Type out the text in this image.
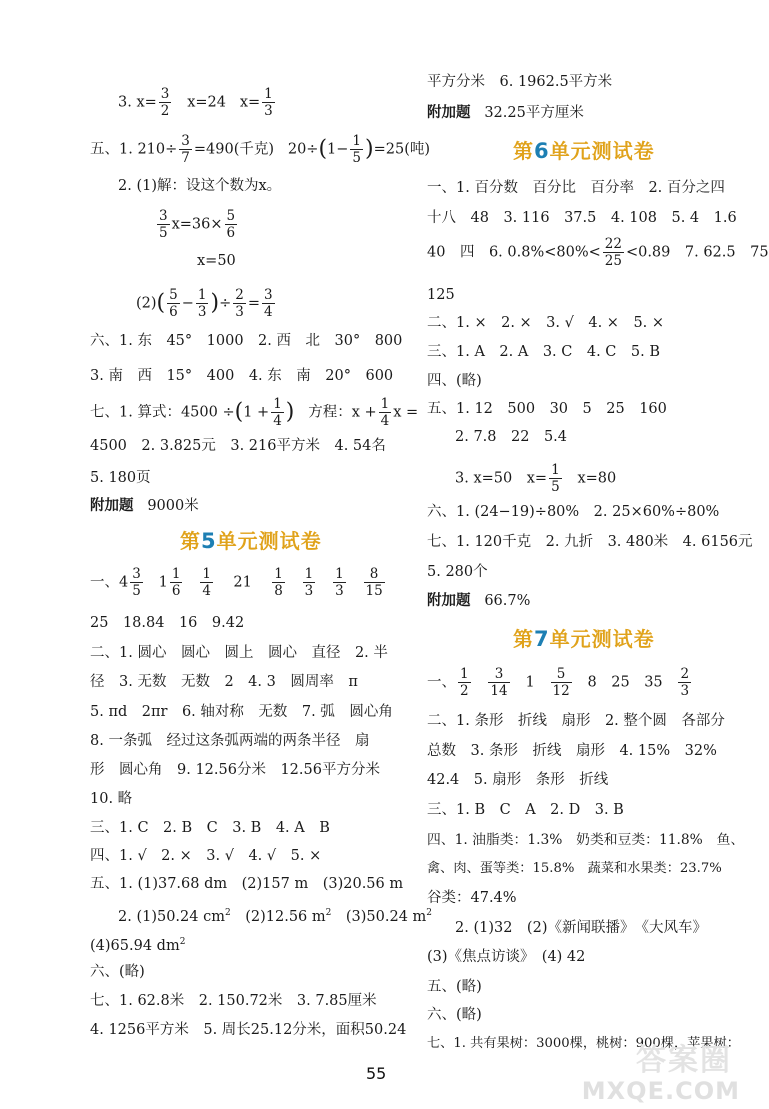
3. $x= \frac{3}{2} x=24$ $x= \frac{1}{3}$
五、1. $210\div \frac{3}{7} =490$(千克) $20\div(1- \frac{1}{5} )=25$(吨)
2. (1)解：设这个数为x。
$\frac{3}{5} x=36\times \frac{5}{6}$
x=50
$(2)( \frac{5}{6} - \frac{1}{3}$ )÷ $\frac{2}{3} = \frac{3}{4}$
六、1. 东　45°　1000　2. 西　北　30°　800
3. 南　西　15°　400　4. 东　南　20°　600
七、1. 算式：$4500 \div(1 + \frac{1}{4}$ ) 方程：$x + \frac{1}{4}$ x =
4500　2. 3.825元　3. 216平方米　4. 54名
5. 180页
附加题 9000米
第5单元测试卷
一、$4 \frac{3}{5} 1 \frac{1}{6}$
$\frac{1}{4} 21 \frac{1}{8}$
$\frac{1}{3}$
$\frac{1}{3}$
$\frac{8}{15}$
25　18.84　16　9.42
二、1. 圆心　圆心　圆上　圆心　直径　2. 半
径　3. 无数　无数　2　4. 3　圆周率　π
5. πd　2πr　6. 轴对称　无数　7. 弧　圆心角
8. 一条弧　经过这条弧两端的两条半径　扇
形　圆心角　9. 12.56分米　12.56平方分米
10. 略
三、1. C　2. B　C　3. B　4. A　B
四、1. √　2. ×　3. √　4. √　5. ×
五、1. (1)37.68 dm　(2)157 m　(3)20.56 m
2. (1)50.24 $cm^2$　(2)12.56 $m^2$　(3)50.24 $m^2$
(4)65.94 $dm^2$
六、(略)
七、1. 62.8米　2. 150.72米　3. 7.85厘米
4. 1256平方米　5. 周长25.12分米，面积50.24
平方分米　6. 1962.5平方米
附加题 32.25平方厘米
第6单元测试卷
一、1. 百分数　百分比　百分率　2. 百分之四
十八　48　3. 116　37.5　4. 108　5. 4　1.6
40　四　6. $0.8\%<80\%< \frac{22}{25} <0.89$　7. 62.5　75
125
二、1. ×　2. ×　3. √　4. ×　5. ×
三、1. A　2. A　3. C　4. C　5. B
四、(略)
五、1. 12　500　30　5　25　160
2. 7.8　22　5.4
3. x=50　$x= \frac{1}{5} x=80$
六、1. (24−19)÷80%　2. 25×60%÷80%
七、1. 120千克　2. 九折　3. 480米　4. 6156元
5. 280个
附加题 66.7%
第7单元测试卷
一、 $\frac{1}{2}$
$\frac{3}{14} 1 \frac{5}{12} 8$　25　$35 \frac{2}{3}$
二、1. 条形　折线　扇形　2. 整个圆　各部分
总数　3. 条形　折线　扇形　4. 15%　32%
42.4　5. 扇形　条形　折线
三、1. B　C　A　2. D　3. B
四、1. 油脂类：1.3%　奶类和豆类：11.8%　鱼、
禽、肉、蛋等类：15.8%　蔬菜和水果类：23.7%
谷类：47.4%
2. (1)32　(2)《新闻联播》　《大风车》
(3)《焦点访谈》　(4) 42
五、(略)
六、(略)
七、1. 共有果树：3000棵，桃树：900棵，苹果树：
55	答案圈
MXQE.COM
